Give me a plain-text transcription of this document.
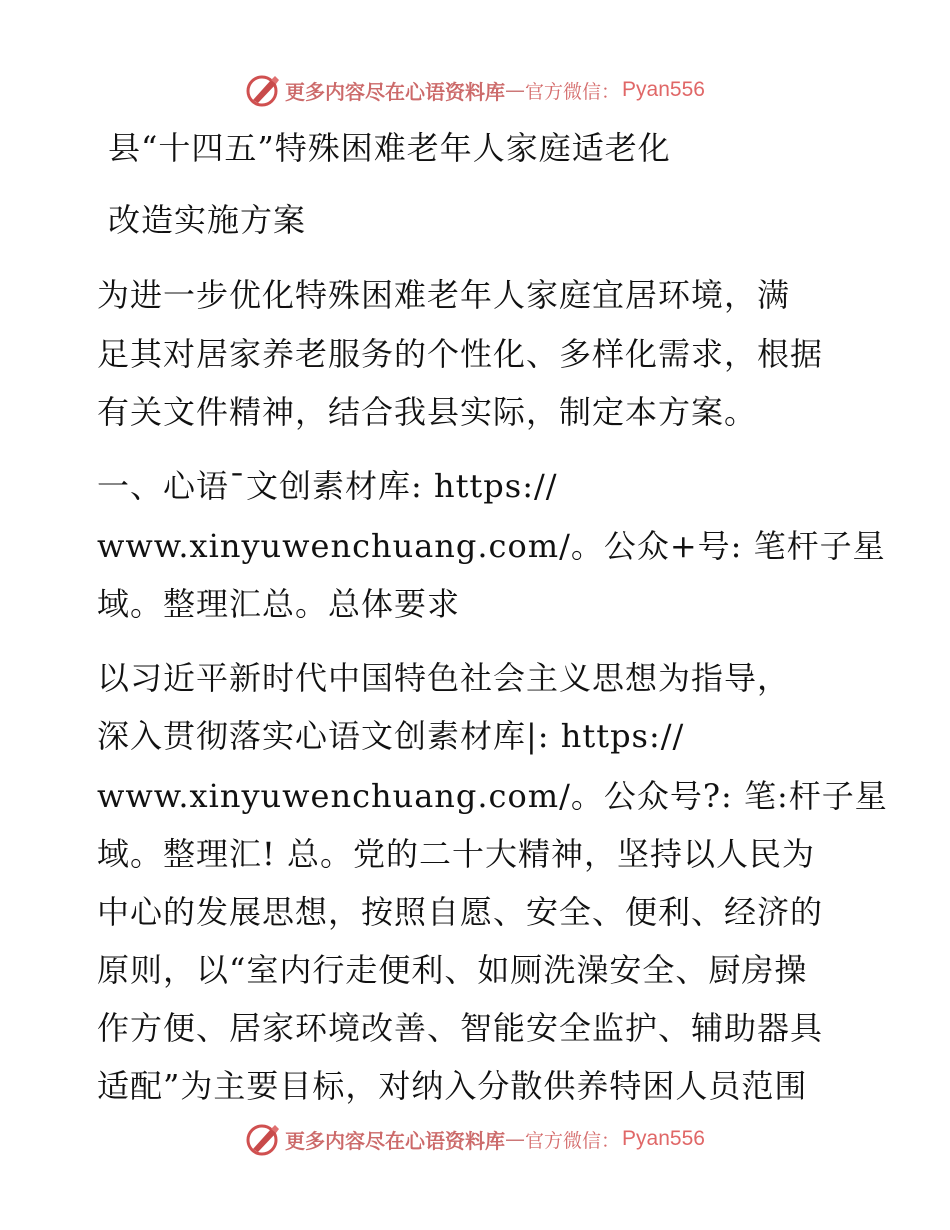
更多内容尽在心语资料库 — 官方微信： Pyan556

县“十四五”特殊困难老年人家庭适老化

改造实施方案

为进一步优化特殊困难老年人家庭宜居环境，满

足其对居家养老服务的个性化、多样化需求，根据

有关文件精神，结合我县实际，制定本方案。

一、心语¯文创素材库: https://

www.xinyuwenchuang.com/。公众+号: 笔杆子星

域。整理汇总。总体要求

以习近平新时代中国特色社会主义思想为指导，

深入贯彻落实心语文创素材库|: https://

www.xinyuwenchuang.com/。公众号?: 笔:杆子星

域。整理汇! 总。党的二十大精神，坚持以人民为

中心的发展思想，按照自愿、安全、便利、经济的

原则，以“室内行走便利、如厕洗澡安全、厨房操

作方便、居家环境改善、智能安全监护、辅助器具

适配”为主要目标，对纳入分散供养特困人员范围

更多内容尽在心语资料库 — 官方微信： Pyan556
